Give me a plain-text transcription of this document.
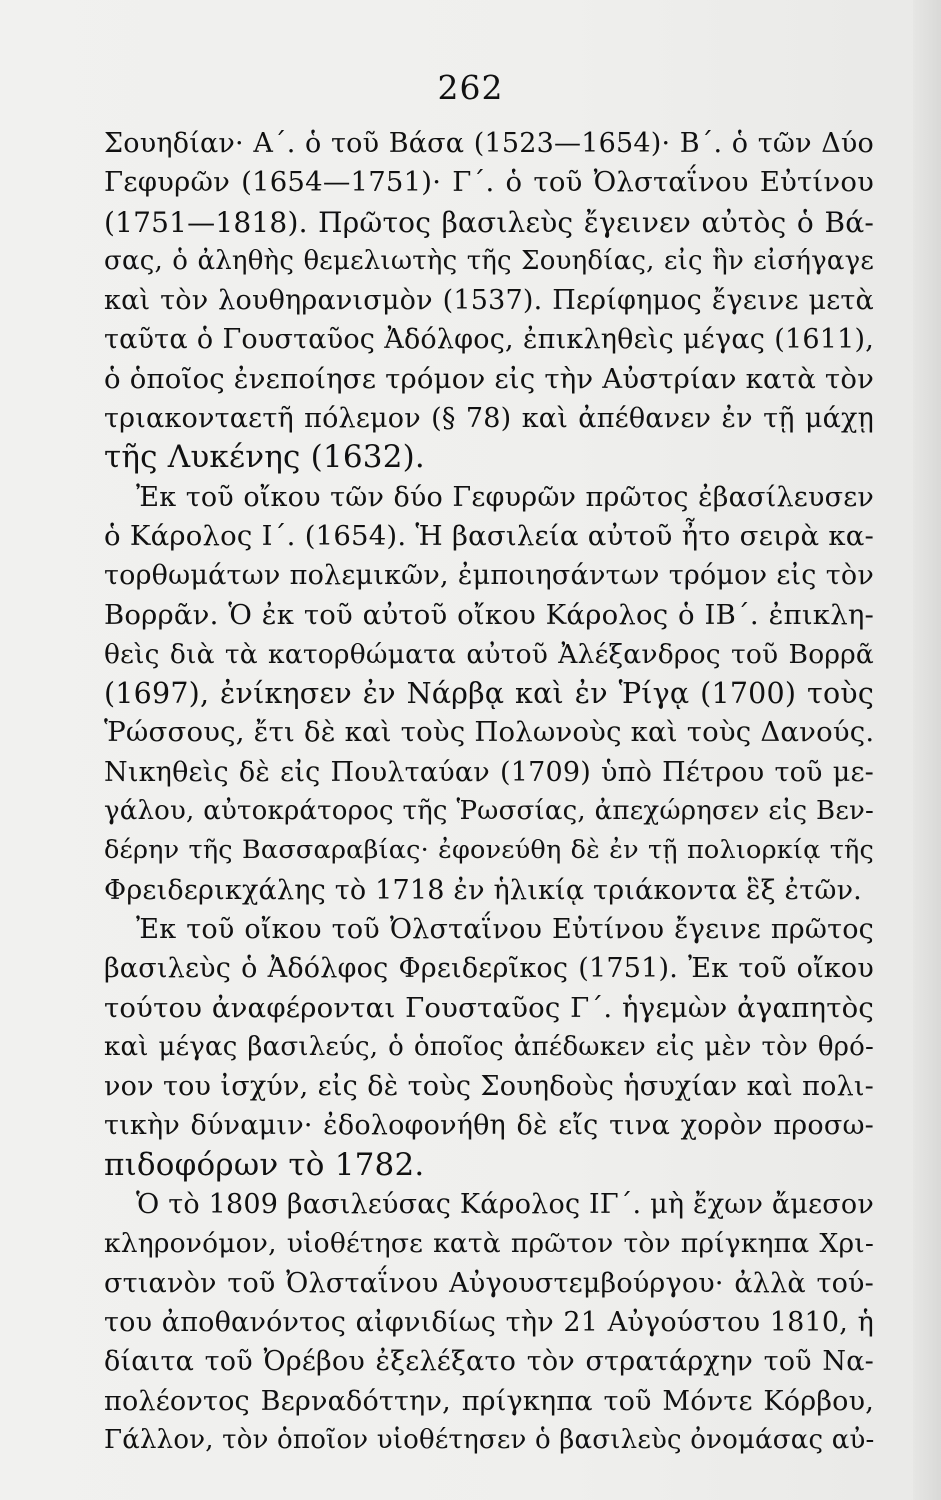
262
Σουηδίαν· Α΄. ὁ τοῦ Βάσα (1523—1654)· Β΄. ὁ τῶν Δύο
Γεφυρῶν (1654—1751)· Γ΄. ὁ τοῦ Ὀλσταΐνου Εὐτίνου
(1751—1818). Πρῶτος βασιλεὺς ἔγεινεν αὐτὸς ὁ Βά-
σας, ὁ ἀληθὴς θεμελιωτὴς τῆς Σουηδίας, εἰς ἣν εἰσήγαγε
καὶ τὸν λουθηρανισμὸν (1537). Περίφημος ἔγεινε μετὰ
ταῦτα ὁ Γουσταῦος Ἀδόλφος, ἐπικληθεὶς μέγας (1611),
ὁ ὁποῖος ἐνεποίησε τρόμον εἰς τὴν Αὐστρίαν κατὰ τὸν
τριακονταετῆ πόλεμον (§ 78) καὶ ἀπέθανεν ἐν τῇ μάχῃ
τῆς Λυκένης (1632).
Ἐκ τοῦ οἴκου τῶν δύο Γεφυρῶν πρῶτος ἐβασίλευσεν
ὁ Κάρολος Ι΄. (1654). Ἡ βασιλεία αὐτοῦ ἦτο σειρὰ κα-
τορθωμάτων πολεμικῶν, ἐμποιησάντων τρόμον εἰς τὸν
Βορρᾶν. Ὁ ἐκ τοῦ αὐτοῦ οἴκου Κάρολος ὁ ΙΒ΄. ἐπικλη-
θεὶς διὰ τὰ κατορθώματα αὐτοῦ Ἀλέξανδρος τοῦ Βορρᾶ
(1697), ἐνίκησεν ἐν Νάρβᾳ καὶ ἐν Ῥίγᾳ (1700) τοὺς
Ῥώσσους, ἔτι δὲ καὶ τοὺς Πολωνοὺς καὶ τοὺς Δανούς.
Νικηθεὶς δὲ εἰς Πουλταύαν (1709) ὑπὸ Πέτρου τοῦ με-
γάλου, αὐτοκράτορος τῆς Ῥωσσίας, ἀπεχώρησεν εἰς Βεν-
δέρην τῆς Βασσαραβίας· ἐφονεύθη δὲ ἐν τῇ πολιορκίᾳ τῆς
Φρειδερικχάλης τὸ 1718 ἐν ἡλικίᾳ τριάκοντα ἓξ ἐτῶν.
Ἐκ τοῦ οἴκου τοῦ Ὀλσταΐνου Εὐτίνου ἔγεινε πρῶτος
βασιλεὺς ὁ Ἀδόλφος Φρειδερῖκος (1751). Ἐκ τοῦ οἴκου
τούτου ἀναφέρονται Γουσταῦος Γ΄. ἡγεμὼν ἀγαπητὸς
καὶ μέγας βασιλεύς, ὁ ὁποῖος ἀπέδωκεν εἰς μὲν τὸν θρό-
νον του ἰσχύν, εἰς δὲ τοὺς Σουηδοὺς ἡσυχίαν καὶ πολι-
τικὴν δύναμιν· ἐδολοφονήθη δὲ εἴς τινα χορὸν προσω-
πιδοφόρων τὸ 1782.
Ὁ τὸ 1809 βασιλεύσας Κάρολος ΙΓ΄. μὴ ἔχων ἄμεσον
κληρονόμον, υἱοθέτησε κατὰ πρῶτον τὸν πρίγκηπα Χρι-
στιανὸν τοῦ Ὀλσταΐνου Αὐγουστεμβούργου· ἀλλὰ τού-
του ἀποθανόντος αἰφνιδίως τὴν 21 Αὐγούστου 1810, ἡ
δίαιτα τοῦ Ὀρέβου ἐξελέξατο τὸν στρατάρχην τοῦ Να-
πολέοντος Βερναδόττην, πρίγκηπα τοῦ Μόντε Κόρβου,
Γάλλον, τὸν ὁποῖον υἱοθέτησεν ὁ βασιλεὺς ὀνομάσας αὐ-
